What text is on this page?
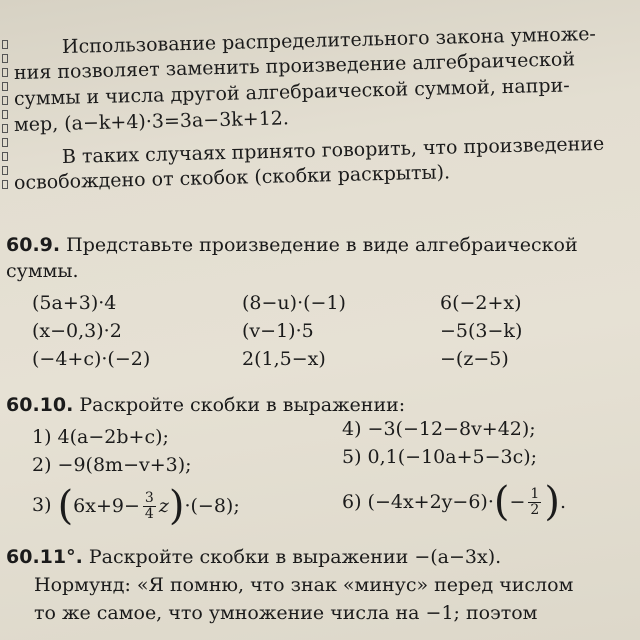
Использование распределительного закона умноже-
ния позволяет заменить произведение алгебраической
суммы и числа другой алгебраической суммой, напри-
мер, (a−k+4)·3=3a−3k+12.
В таких случаях принято говорить, что произведение
освобождено от скобок (скобки раскрыты).
60.9. Представьте произведение в виде алгебраической
суммы.
(5a+3)·4	(8−u)·(−1)	6(−2+x)
(x−0,3)·2	(v−1)·5	−5(3−k)
(−4+c)·(−2)	2(1,5−x)	−(z−5)
60.10. Раскройте скобки в выражении:
1) 4(a−2b+c);
2) −9(8m−v+3);
4) −3(−12−8v+42);
5) 0,1(−10a+5−3c);
3) $(6x+9- \frac{3}{4} z)\cdot(-8)$;	6) $(-4x+2y-6)\cdot(- \frac{1}{2}$ ).
60.11°. Раскройте скобки в выражении −(a−3x).
Нормунд: «Я помню, что знак «минус» перед числом
то же самое, что умножение числа на −1; поэтом
